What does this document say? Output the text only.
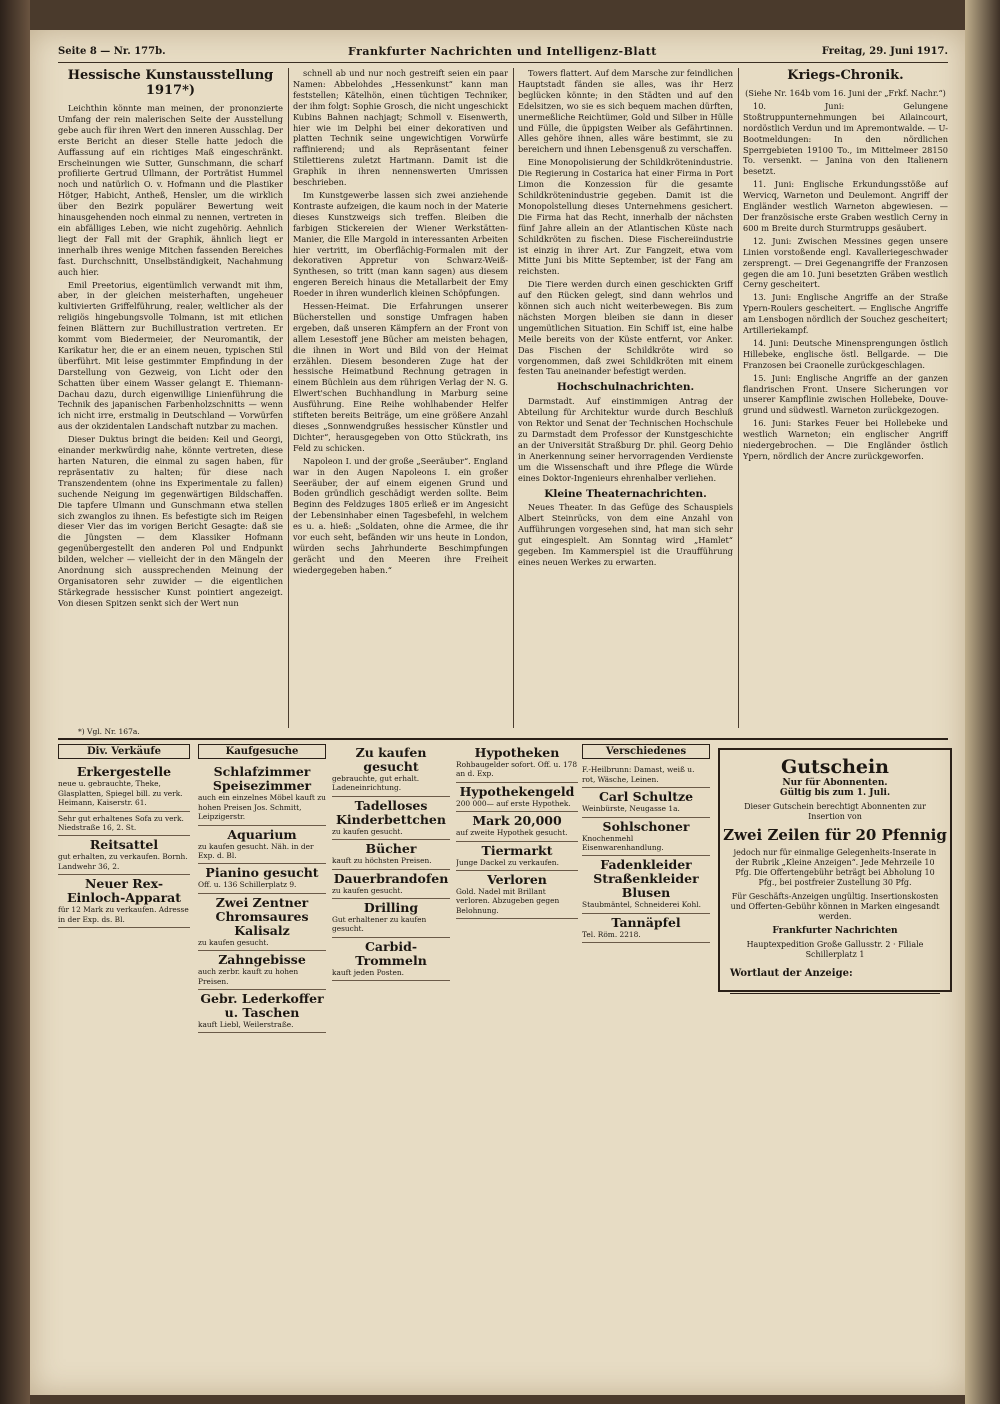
Seite 8 — Nr. 177b.	Frankfurter Nachrichten und Intelligenz-Blatt	Freitag, 29. Juni 1917.
Hessische Kunstausstellung 1917*)

Leichthin könnte man meinen, der prononzierte Umfang der rein malerischen Seite der Ausstellung gebe auch für ihren Wert den inneren Ausschlag. Der erste Bericht an dieser Stelle hatte jedoch die Auffassung auf ein richtiges Maß eingeschränkt. Erscheinungen wie Sutter, Gunschmann, die scharf profilierte Gertrud Ullmann, der Porträtist Hummel noch und natürlich O. v. Hofmann und die Plastiker Hötger, Habicht, Antheß, Hensler, um die wirklich über den Bezirk populärer Bewertung weit hinausgehenden noch einmal zu nennen, vertreten in ein abfälliges Leben, wie nicht zugehörig. Aehnlich liegt der Fall mit der Graphik, ähnlich liegt er innerhalb ihres wenige Mitchen fassenden Bereiches fast. Durchschnitt, Unselbständigkeit, Nachahmung auch hier.

Emil Preetorius, eigentümlich verwandt mit ihm, aber, in der gleichen meisterhaften, ungeheuer kultivierten Griffelführung, realer, weltlicher als der religiös hingebungsvolle Tolmann, ist mit etlichen feinen Blättern zur Buchillustration vertreten. Er kommt vom Biedermeier, der Neuromantik, der Karikatur her, die er an einem neuen, typischen Stil überführt. Mit leise gestimmter Empfindung in der Darstellung von Gezweig, von Licht oder den Schatten über einem Wasser gelangt E. Thiemann-Dachau dazu, durch eigenwillige Linienführung die Technik des japanischen Farbenholzschnitts — wenn ich nicht irre, erstmalig in Deutschland — Vorwürfen aus der okzidentalen Landschaft nutzbar zu machen.

Dieser Duktus bringt die beiden: Keil und Georgi, einander merkwürdig nahe, könnte vertreten, diese harten Naturen, die einmal zu sagen haben, für repräsentativ zu halten; für diese nach Transzendentem (ohne ins Experimentale zu fallen) suchende Neigung im gegenwärtigen Bildschaffen. Die tapfere Ulmann und Gunschmann etwa stellen sich zwanglos zu ihnen. Es befestigte sich im Reigen dieser Vier das im vorigen Bericht Gesagte: daß sie die Jüngsten — dem Klassiker Hofmann gegenübergestellt den anderen Pol und Endpunkt bilden, welcher — vielleicht der in den Mängeln der Anordnung sich aussprechenden Meinung der Organisatoren sehr zuwider — die eigentlichen Stärkegrade hessischer Kunst pointiert angezeigt. Von diesen Spitzen senkt sich der Wert nun

schnell ab und nur noch gestreift seien ein paar Namen: Abbelohdes „Hessenkunst“ kann man feststellen; Kätelhön, einen tüchtigen Techniker, der ihm folgt: Sophie Grosch, die nicht ungeschickt Kubins Bahnen nachjagt; Schmoll v. Eisenwerth, hier wie im Delphi bei einer dekorativen und platten Technik seine ungewichtigen Vorwürfe raffinierend; und als Repräsentant feiner Stilettierens zuletzt Hartmann. Damit ist die Graphik in ihren nennenswerten Umrissen beschrieben.

Im Kunstgewerbe lassen sich zwei anziehende Kontraste aufzeigen, die kaum noch in der Materie dieses Kunstzweigs sich treffen. Bleiben die farbigen Stickereien der Wiener Werkstätten-Manier, die Elle Margold in interessanten Arbeiten hier vertritt, im Oberflächig-Formalen mit der dekorativen Appretur von Schwarz-Weiß-Synthesen, so tritt (man kann sagen) aus diesem engeren Bereich hinaus die Metallarbeit der Emy Roeder in ihren wunderlich kleinen Schöpfungen.

Hessen-Heimat. Die Erfahrungen unserer Bücherstellen und sonstige Umfragen haben ergeben, daß unseren Kämpfern an der Front von allem Lesestoff jene Bücher am meisten behagen, die ihnen in Wort und Bild von der Heimat erzählen. Diesem besonderen Zuge hat der hessische Heimatbund Rechnung getragen in einem Büchlein aus dem rührigen Verlag der N. G. Elwert'schen Buchhandlung in Marburg seine Ausführung. Eine Reihe wohlhabender Helfer stifteten bereits Beiträge, um eine größere Anzahl dieses „Sonnwendgrußes hessischer Künstler und Dichter“, herausgegeben von Otto Stückrath, ins Feld zu schicken.

Napoleon I. und der große „Seeräuber“. England war in den Augen Napoleons I. ein großer Seeräuber, der auf einem eigenen Grund und Boden gründlich geschädigt werden sollte. Beim Beginn des Feldzuges 1805 erließ er im Angesicht der Lebensinhaber einen Tagesbefehl, in welchem es u. a. hieß: „Soldaten, ohne die Armee, die ihr vor euch seht, befänden wir uns heute in London, würden sechs Jahrhunderte Beschimpfungen gerächt und den Meeren ihre Freiheit wiedergegeben haben.“

Towers flattert. Auf dem Marsche zur feindlichen Hauptstadt fänden sie alles, was ihr Herz beglücken könnte; in den Städten und auf den Edelsitzen, wo sie es sich bequem machen dürften, unermeßliche Reichtümer, Gold und Silber in Hülle und Fülle, die üppigsten Weiber als Gefährtinnen. Alles gehöre ihnen, alles wäre bestimmt, sie zu bereichern und ihnen Lebensgenuß zu verschaffen.

Eine Monopolisierung der Schildkrötenindustrie. Die Regierung in Costarica hat einer Firma in Port Limon die Konzession für die gesamte Schildkrötenindustrie gegeben. Damit ist die Monopolstellung dieses Unternehmens gesichert. Die Firma hat das Recht, innerhalb der nächsten fünf Jahre allein an der Atlantischen Küste nach Schildkröten zu fischen. Diese Fischereiindustrie ist einzig in ihrer Art. Zur Fangzeit, etwa vom Mitte Juni bis Mitte September, ist der Fang am reichsten.

Die Tiere werden durch einen geschickten Griff auf den Rücken gelegt, sind dann wehrlos und können sich auch nicht weiterbewegen. Bis zum nächsten Morgen bleiben sie dann in dieser ungemütlichen Situation. Ein Schiff ist, eine halbe Meile bereits von der Küste entfernt, vor Anker. Das Fischen der Schildkröte wird so vorgenommen, daß zwei Schildkröten mit einem festen Tau aneinander befestigt werden.

Hochschulnachrichten.

Darmstadt. Auf einstimmigen Antrag der Abteilung für Architektur wurde durch Beschluß von Rektor und Senat der Technischen Hochschule zu Darmstadt dem Professor der Kunstgeschichte an der Universität Straßburg Dr. phil. Georg Dehio in Anerkennung seiner hervorragenden Verdienste um die Wissenschaft und ihre Pflege die Würde eines Doktor-Ingenieurs ehrenhalber verliehen.

Kleine Theaternachrichten.

Neues Theater. In das Gefüge des Schauspiels Albert Steinrücks, von dem eine Anzahl von Aufführungen vorgesehen sind, hat man sich sehr gut eingespielt. Am Sonntag wird „Hamlet“ gegeben. Im Kammerspiel ist die Uraufführung eines neuen Werkes zu erwarten.

Kriegs-Chronik.

(Siehe Nr. 164b vom 16. Juni der „Frkf. Nachr.“)

10. Juni: Gelungene Stoßtruppunternehmungen bei Ailaincourt, nordöstlich Verdun und im Apremontwalde. — U-Bootmeldungen: In den nördlichen Sperrgebieten 19100 To., im Mittelmeer 28150 To. versenkt. — Janina von den Italienern besetzt.

11. Juni: Englische Erkundungsstöße auf Wervicq, Warneton und Deulemont. Angriff der Engländer westlich Warneton abgewiesen. — Der französische erste Graben westlich Cerny in 600 m Breite durch Sturmtrupps gesäubert.

12. Juni: Zwischen Messines gegen unsere Linien vorstoßende engl. Kavalleriegeschwader zersprengt. — Drei Gegenangriffe der Franzosen gegen die am 10. Juni besetzten Gräben westlich Cerny gescheitert.

13. Juni: Englische Angriffe an der Straße Ypern-Roulers gescheitert. — Englische Angriffe am Lensbogen nördlich der Souchez gescheitert; Artilleriekampf.

14. Juni: Deutsche Minensprengungen östlich Hillebeke, englische östl. Bellgarde. — Die Franzosen bei Craonelle zurückgeschlagen.

15. Juni: Englische Angriffe an der ganzen flandrischen Front. Unsere Sicherungen vor unserer Kampflinie zwischen Hollebeke, Douve-grund und südwestl. Warneton zurückgezogen.

16. Juni: Starkes Feuer bei Hollebeke und westlich Warneton; ein englischer Angriff niedergebrochen. — Die Engländer östlich Ypern, nördlich der Ancre zurückgeworfen.

*) Vgl. Nr. 167a.
Div. Verkäufe
Erkergestelle
neue u. gebrauchte, Theke, Glasplatten, Spiegel bill. zu verk. Heimann, Kaiserstr. 61.
Sehr gut erhaltenes Sofa zu verk. Niedstraße 16, 2. St.
Reitsattel
gut erhalten, zu verkaufen. Bornh. Landwehr 36, 2.
Neuer Rex-Einloch-Apparat
für 12 Mark zu verkaufen. Adresse in der Exp. ds. Bl.
Kaufgesuche
Schlafzimmer Speisezimmer
auch ein einzelnes Möbel kauft zu hohen Preisen Jos. Schmitt, Leipzigerstr.
Aquarium
zu kaufen gesucht. Näh. in der Exp. d. Bl.
Pianino gesucht
Off. u. 136 Schillerplatz 9.
Zwei Zentner Chromsaures Kalisalz
zu kaufen gesucht.
Zahngebisse
auch zerbr. kauft zu hohen Preisen.
Gebr. Lederkoffer u. Taschen
kauft Liebl, Weilerstraße.
Zu kaufen gesucht
gebrauchte, gut erhalt. Ladeneinrichtung.
Tadelloses Kinderbettchen
zu kaufen gesucht.
Bücher
kauft zu höchsten Preisen.
Dauerbrandofen
zu kaufen gesucht.
Drilling
Gut erhaltener zu kaufen gesucht.
Carbid-Trommeln
kauft jeden Posten.
Hypotheken
Rohbaugelder sofort. Off. u. 178 an d. Exp.
Hypothekengeld
200 000— auf erste Hypothek.
Mark 20,000
auf zweite Hypothek gesucht.
Tiermarkt
Junge Dackel zu verkaufen.
Verloren
Gold. Nadel mit Brillant verloren. Abzugeben gegen Belohnung.
Verschiedenes
F.-Heilbrunn: Damast, weiß u. rot, Wäsche, Leinen.
Carl Schultze
Weinbürste, Neugasse 1a.
Sohlschoner
Knochenmehl Eisenwarenhandlung.
Fadenkleider Straßenkleider Blusen
Staubmäntel, Schneiderei Kohl.
Tannäpfel
Tel. Röm. 2218.
Gutschein
Nur für Abonnenten.
Gültig bis zum 1. Juli.
Dieser Gutschein berechtigt Abonnenten zur Insertion von
Zwei Zeilen für 20 Pfennig
jedoch nur für einmalige Gelegenheits-Inserate in der Rubrik „Kleine Anzeigen“. Jede Mehrzeile 10 Pfg. Die Offertengebühr beträgt bei Abholung 10 Pfg., bei postfreier Zustellung 30 Pfg.
Für Geschäfts-Anzeigen ungültig. Insertionskosten und Offerten-Gebühr können in Marken eingesandt werden.
Frankfurter Nachrichten
Hauptexpedition Große Gallusstr. 2 · Filiale Schillerplatz 1
Wortlaut der Anzeige:
